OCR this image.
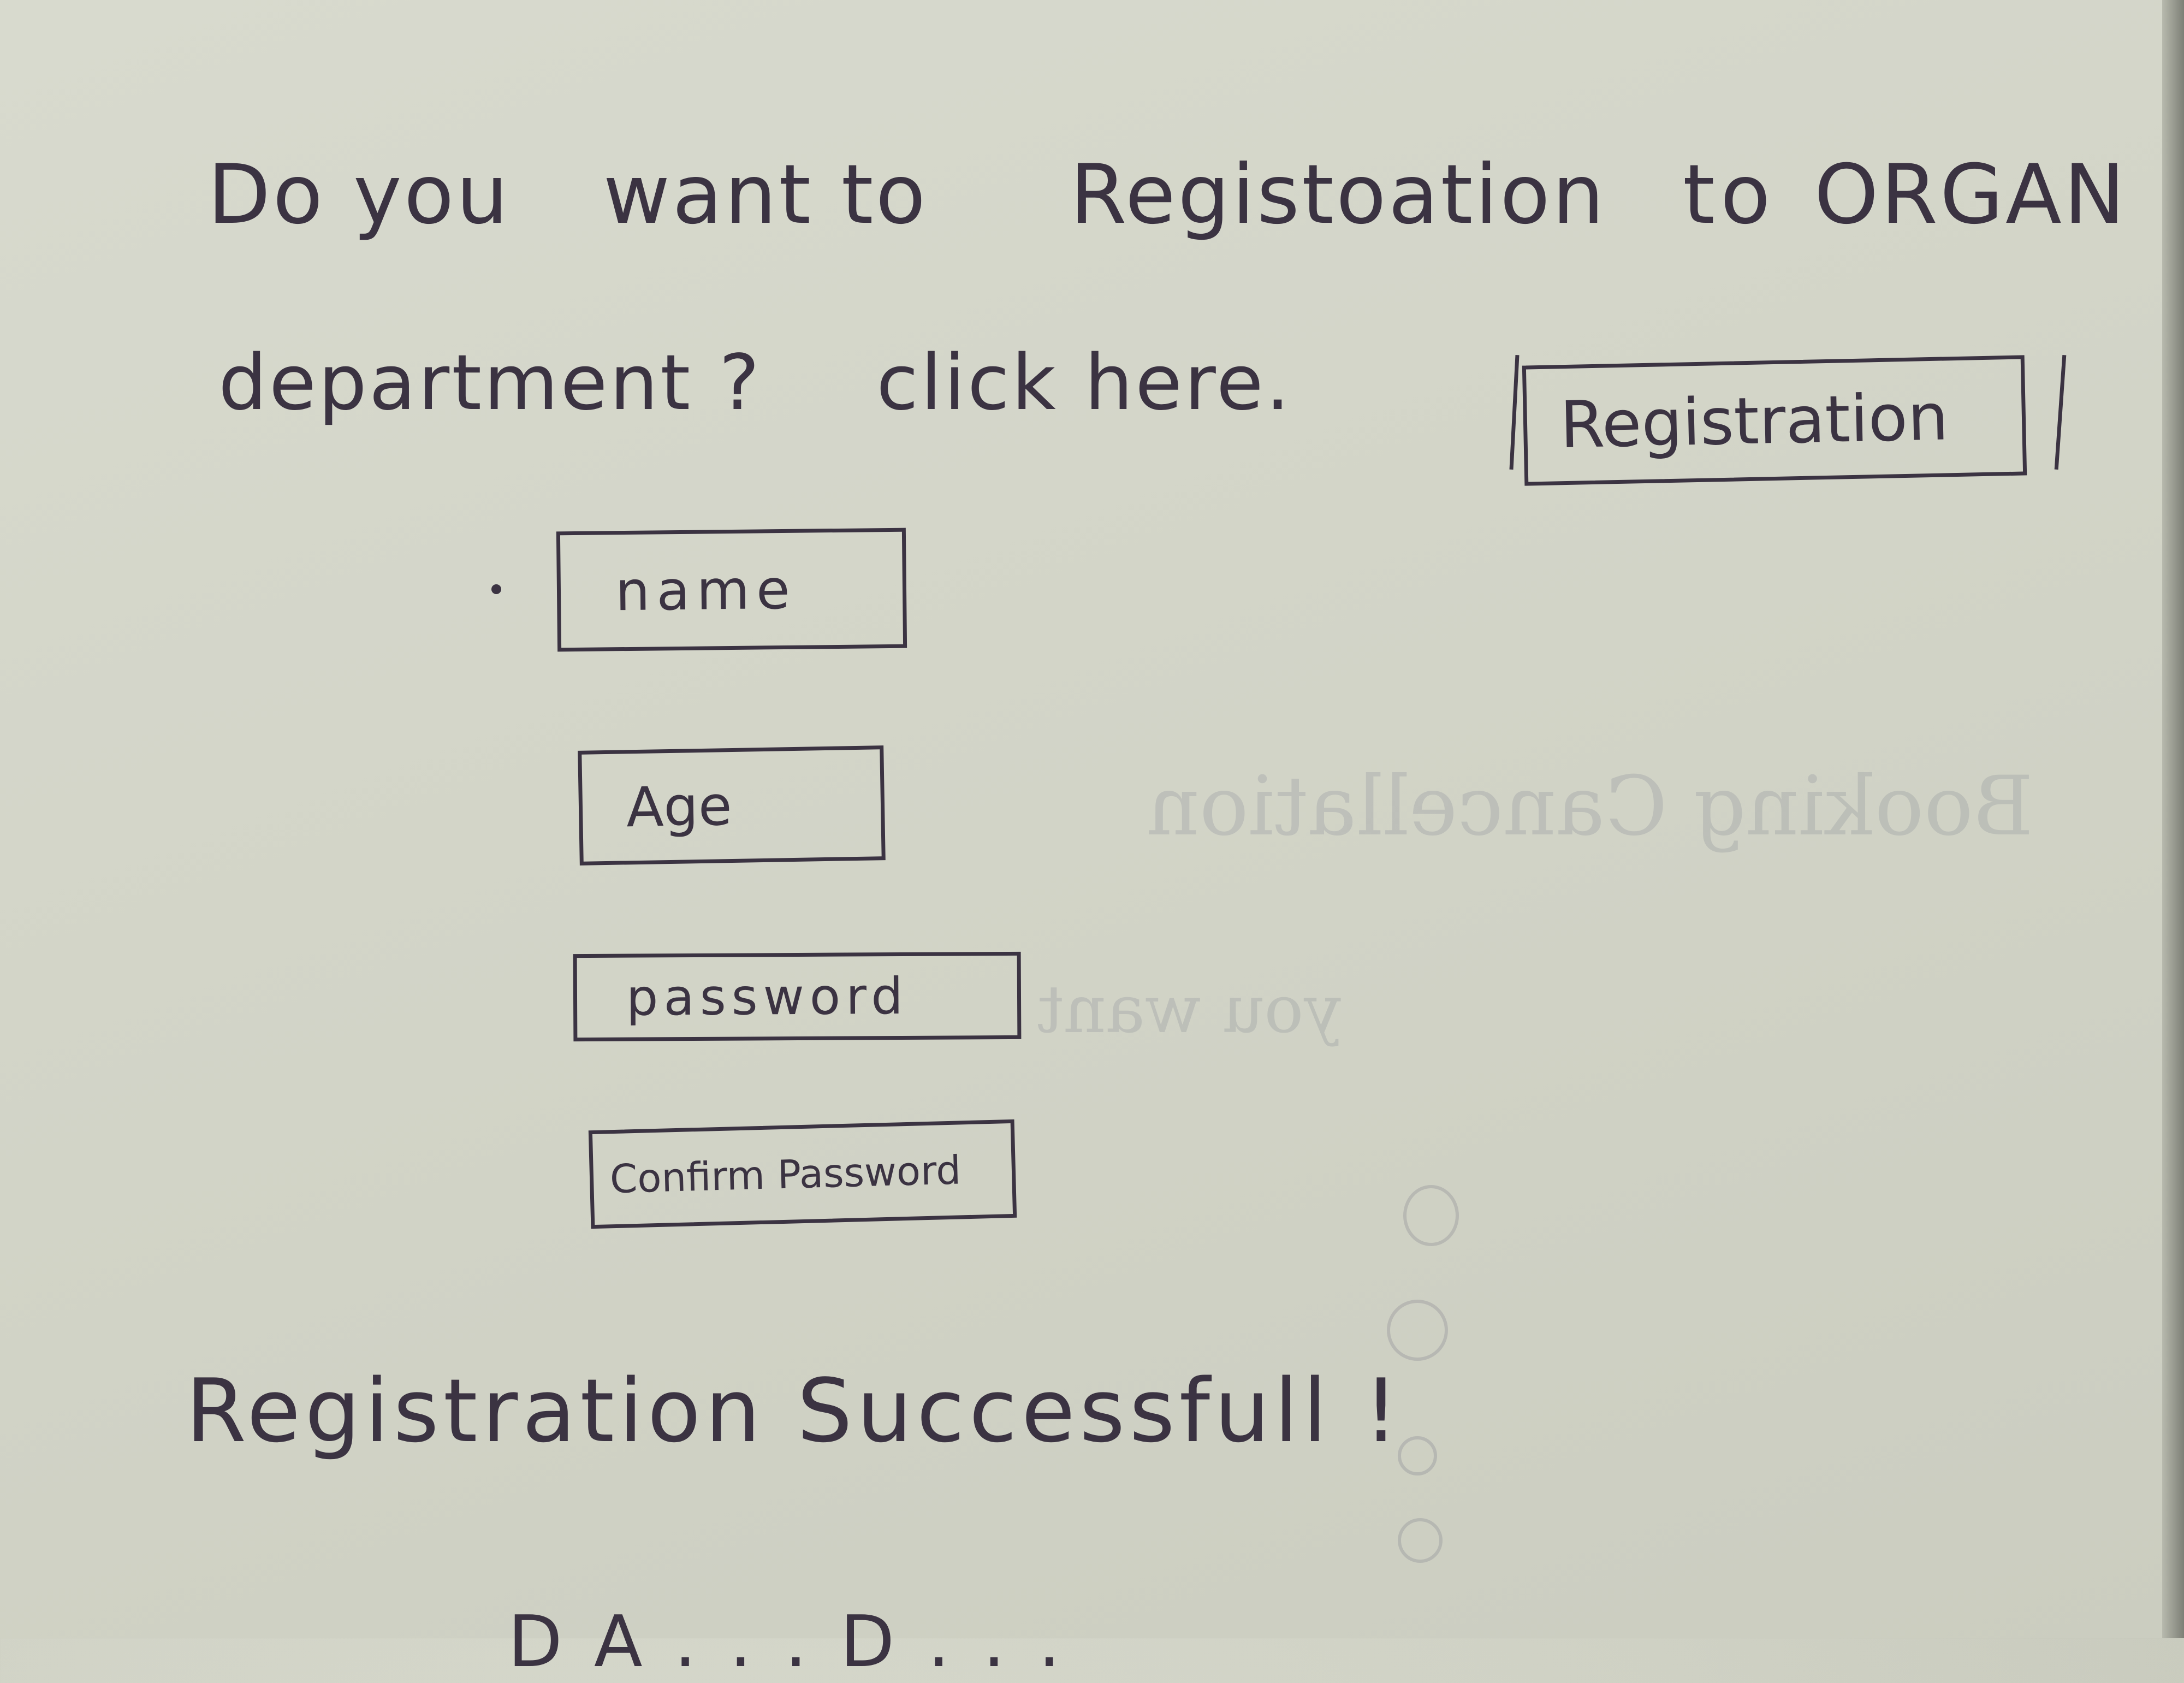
Booking Cancellation
you want
Do you want to Registoation to ORGAN
department ? click here.	Registration
name
Age
password
Confirm Password
Registration Successfull !
DA...D...
